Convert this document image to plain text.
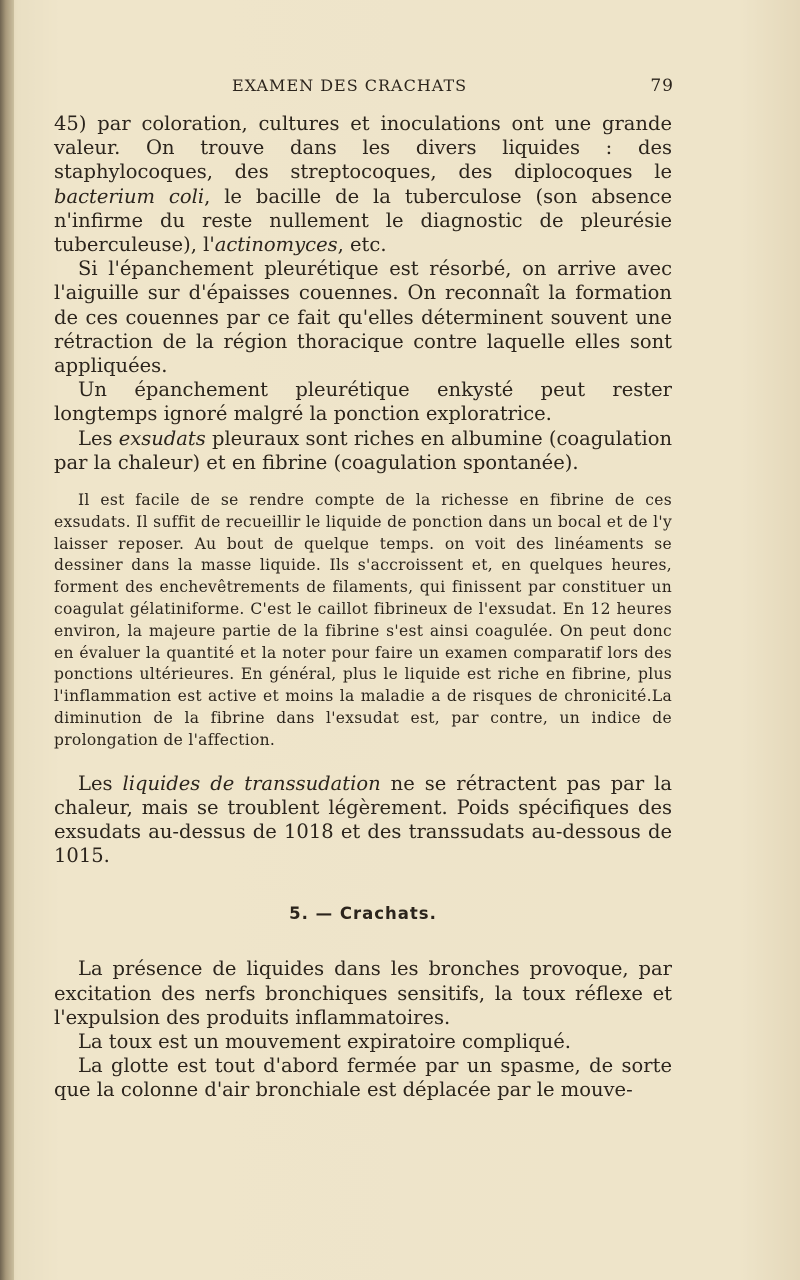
EXAMEN DES CRACHATS	79

45) par coloration, cultures et inoculations ont une grande valeur. On trouve dans les divers liquides : des staphylocoques, des streptocoques, des diplocoques le bacterium coli, le bacille de la tuberculose (son absence n'infirme du reste nullement le diagnostic de pleurésie tuberculeuse), l'actinomyces, etc.

Si l'épanchement pleurétique est résorbé, on arrive avec l'aiguille sur d'épaisses couennes. On reconnaît la formation de ces couennes par ce fait qu'elles déterminent souvent une rétraction de la région thoracique contre laquelle elles sont appliquées.

Un épanchement pleurétique enkysté peut rester longtemps ignoré malgré la ponction exploratrice.

Les exsudats pleuraux sont riches en albumine (coagulation par la chaleur) et en fibrine (coagulation spontanée).

Il est facile de se rendre compte de la richesse en fibrine de ces exsudats. Il suffit de recueillir le liquide de ponction dans un bocal et de l'y laisser reposer. Au bout de quelque temps. on voit des linéaments se dessiner dans la masse liquide. Ils s'accroissent et, en quelques heures, forment des enchevêtrements de filaments, qui finissent par constituer un coagulat gélatiniforme. C'est le caillot fibrineux de l'exsudat. En 12 heures environ, la majeure partie de la fibrine s'est ainsi coagulée. On peut donc en évaluer la quantité et la noter pour faire un examen comparatif lors des ponctions ultérieures. En général, plus le liquide est riche en fibrine, plus l'inflammation est active et moins la maladie a de risques de chronicité.La diminution de la fibrine dans l'exsudat est, par contre, un indice de prolongation de l'affection.

Les liquides de transsudation ne se rétractent pas par la chaleur, mais se troublent légèrement. Poids spécifiques des exsudats au-dessus de 1018 et des transsudats au-dessous de 1015.

5. — Crachats.

La présence de liquides dans les bronches provoque, par excitation des nerfs bronchiques sensitifs, la toux réflexe et l'expulsion des produits inflammatoires.

La toux est un mouvement expiratoire compliqué.

La glotte est tout d'abord fermée par un spasme, de sorte que la colonne d'air bronchiale est déplacée par le mouve-
